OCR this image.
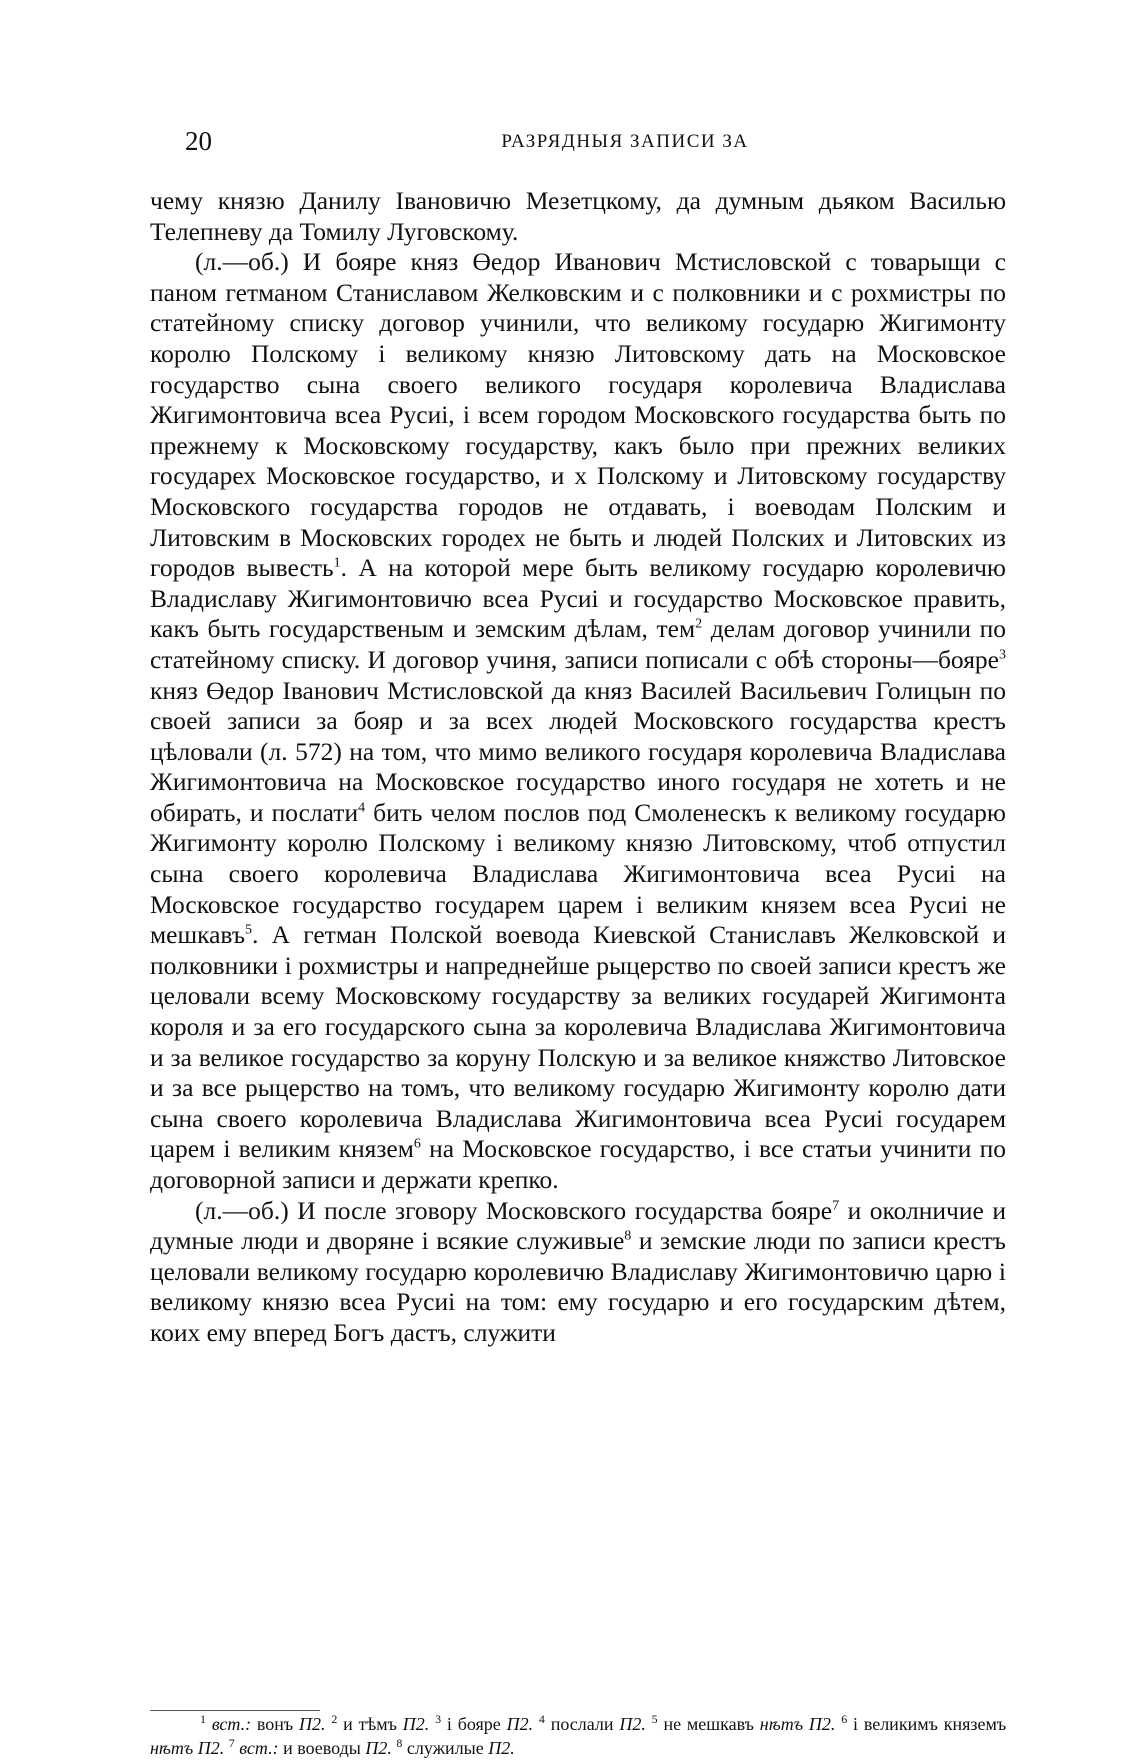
20	РАЗРЯДНЫЯ ЗАПИСИ ЗА

чему князю Данилу Івановичю Мезетцкому, да думным дьяком Василью Телепневу да Томилу Луговскому.

(л.—об.) И бояре княз Өедор Иванович Мстисловской с товарыщи с паном гетманом Станиславом Желковским и с полковники и с рохмистры по статейному списку договор учинили, что великому государю Жигимонту королю Полскому і великому князю Литовскому дать на Московское государство сына своего великого государя королевича Владислава Жигимонтовича всеа Русиі, і всем городом Московского государства быть по прежнему к Московскому государству, какъ было при прежних великих государех Московское государство, и х Полскому и Литовскому государству Московского государства городов не отдавать, і воеводам Полским и Литовским в Московских городех не быть и людей Полских и Литовских из городов вывесть$^1$. А на которой мере быть великому государю королевичю Владиславу Жигимонтовичю всеа Русиі и государство Московское править, какъ быть государственым и земским дѣлам, тем$^2$ делам договор учинили по статейному списку. И договор учиня, записи пописали с обѣ стороны—бояре$^3$ княз Өедор Іванович Мстисловской да княз Василей Васильевич Голицын по своей записи за бояр и за всех людей Московского государства крестъ цѣловали (л. 572) на том, что мимо великого государя королевича Владислава Жигимонтовича на Московское государство иного государя не хотеть и не обирать, и послати$^4$ бить челом послов под Смоленескъ к великому государю Жигимонту королю Полскому і великому князю Литовскому, чтоб отпустил сына своего королевича Владислава Жигимонтовича всеа Русиі на Московское государство государем царем і великим князем всеа Русиі не мешкавъ$^5$. А гетман Полской воевода Киевской Станиславъ Желковской и полковники і рохмистры и напреднейше рыцерство по своей записи крестъ же целовали всему Московскому государству за великих государей Жигимонта короля и за его государского сына за королевича Владислава Жигимонтовича и за великое государство за коруну Полскую и за великое княжство Литовское и за все рыцерство на томъ, что великому государю Жигимонту королю дати сына своего королевича Владислава Жигимонтовича всеа Русиі государем царем і великим князем$^6$ на Московское государство, і все статьи учинити по договорной записи и держати крепко.

(л.—об.) И после зговору Московского государства бояре$^7$ и околничие и думные люди и дворяне і всякие служивые$^8$ и земские люди по записи крестъ целовали великому государю королевичю Владиславу Жигимонтовичю царю і великому князю всеа Русиі на том: ему государю и его государским дѣтем, коих ему вперед Богъ дастъ, служити

$^1$ вст.: вонъ П2. $^2$ и тѣмъ П2. $^3$ і бояре П2. $^4$ послали П2. $^5$ не мешкавъ нѣтъ П2. $^6$ і великимъ княземъ нѣтъ П2. $^7$ вст.: и воеводы П2. $^8$ служилые П2.
